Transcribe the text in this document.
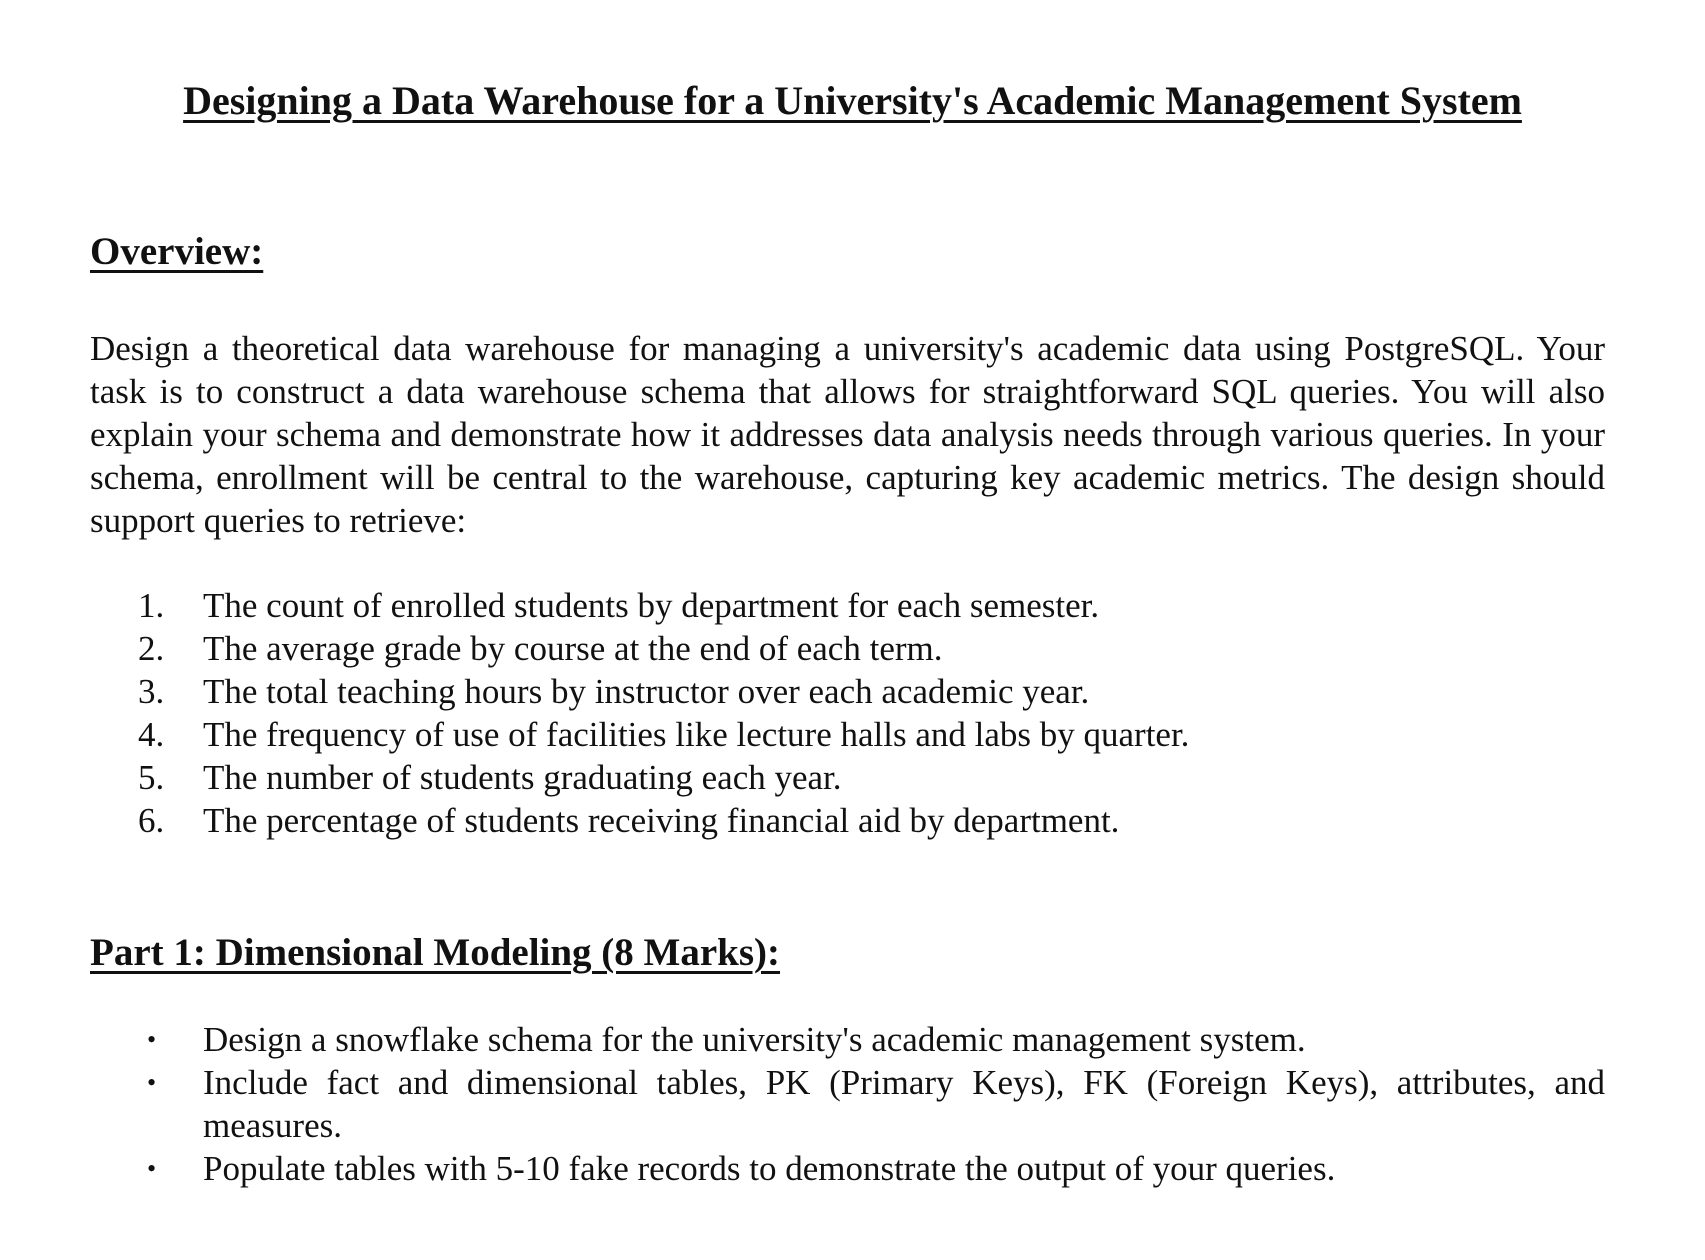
Designing a Data Warehouse for a University's Academic Management System
Overview:

Design a theoretical data warehouse for managing a university's academic data using PostgreSQL. Your task is to construct a data warehouse schema that allows for straightforward SQL queries. You will also explain your schema and demonstrate how it addresses data analysis needs through various queries. In your schema, enrollment will be central to the warehouse, capturing key academic metrics. The design should support queries to retrieve:

1.	The count of enrolled students by department for each semester.
2.	The average grade by course at the end of each term.
3.	The total teaching hours by instructor over each academic year.
4.	The frequency of use of facilities like lecture halls and labs by quarter.
5.	The number of students graduating each year.
6.	The percentage of students receiving financial aid by department.
Part 1: Dimensional Modeling (8 Marks):
• Design a snowflake schema for the university's academic management system.
• Include fact and dimensional tables, PK (Primary Keys), FK (Foreign Keys), attributes, and measures.
• Populate tables with 5-10 fake records to demonstrate the output of your queries.
